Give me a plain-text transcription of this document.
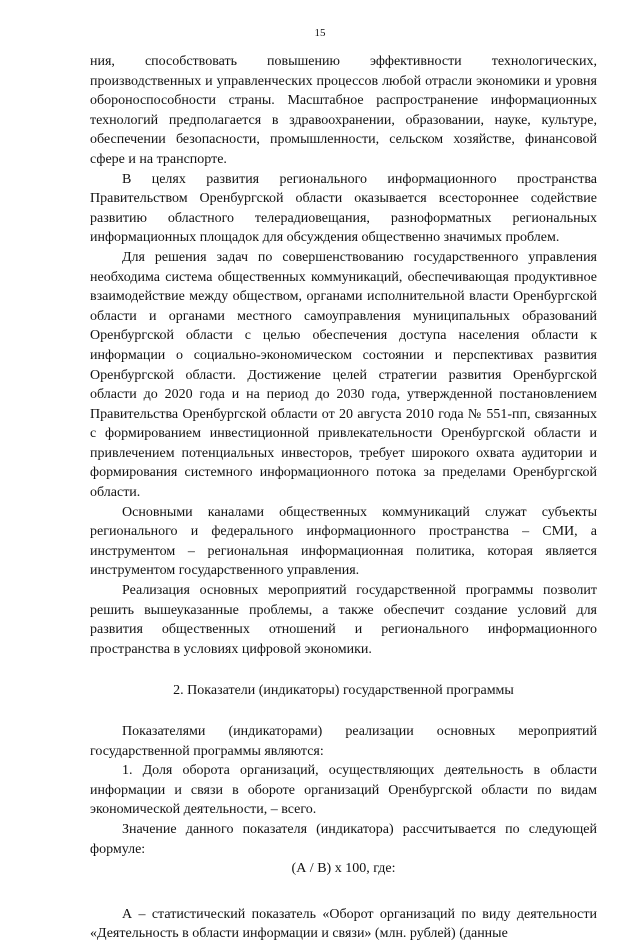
15

ния, способствовать повышению эффективности технологических, производственных и управленческих процессов любой отрасли экономики и уровня обороноспособности страны. Масштабное распространение информационных технологий предполагается в здравоохранении, образовании, науке, культуре, обеспечении безопасности, промышленности, сельском хозяйстве, финансовой сфере и на транспорте.

В целях развития регионального информационного пространства Правительством Оренбургской области оказывается всестороннее содействие развитию областного телерадиовещания, разноформатных региональных информационных площадок для обсуждения общественно значимых проблем.

Для решения задач по совершенствованию государственного управления необходима система общественных коммуникаций, обеспечивающая продуктивное взаимодействие между обществом, органами исполнительной власти Оренбургской области и органами местного самоуправления муниципальных образований Оренбургской области с целью обеспечения доступа населения области к информации о социально-экономическом состоянии и перспективах развития Оренбургской области. Достижение целей стратегии развития Оренбургской области до 2020 года и на период до 2030 года, утвержденной постановлением Правительства Оренбургской области от 20 августа 2010 года № 551-пп, связанных с формированием инвестиционной привлекательности Оренбургской области и привлечением потенциальных инвесторов, требует широкого охвата аудитории и формирования системного информационного потока за пределами Оренбургской области.

Основными каналами общественных коммуникаций служат субъекты регионального и федерального информационного пространства – СМИ, а инструментом – региональная информационная политика, которая является инструментом государственного управления.

Реализация основных мероприятий государственной программы позволит решить вышеуказанные проблемы, а также обеспечит создание условий для развития общественных отношений и регионального информационного пространства в условиях цифровой экономики.

2. Показатели (индикаторы) государственной программы

Показателями (индикаторами) реализации основных мероприятий государственной программы являются:

1. Доля оборота организаций, осуществляющих деятельность в области информации и связи в обороте организаций Оренбургской области по видам экономической деятельности, – всего.

Значение данного показателя (индикатора) рассчитывается по следующей формуле:

(А / В) х 100, где:

А – статистический показатель «Оборот организаций по виду деятельности «Деятельность в области информации и связи» (млн. рублей) (данные
